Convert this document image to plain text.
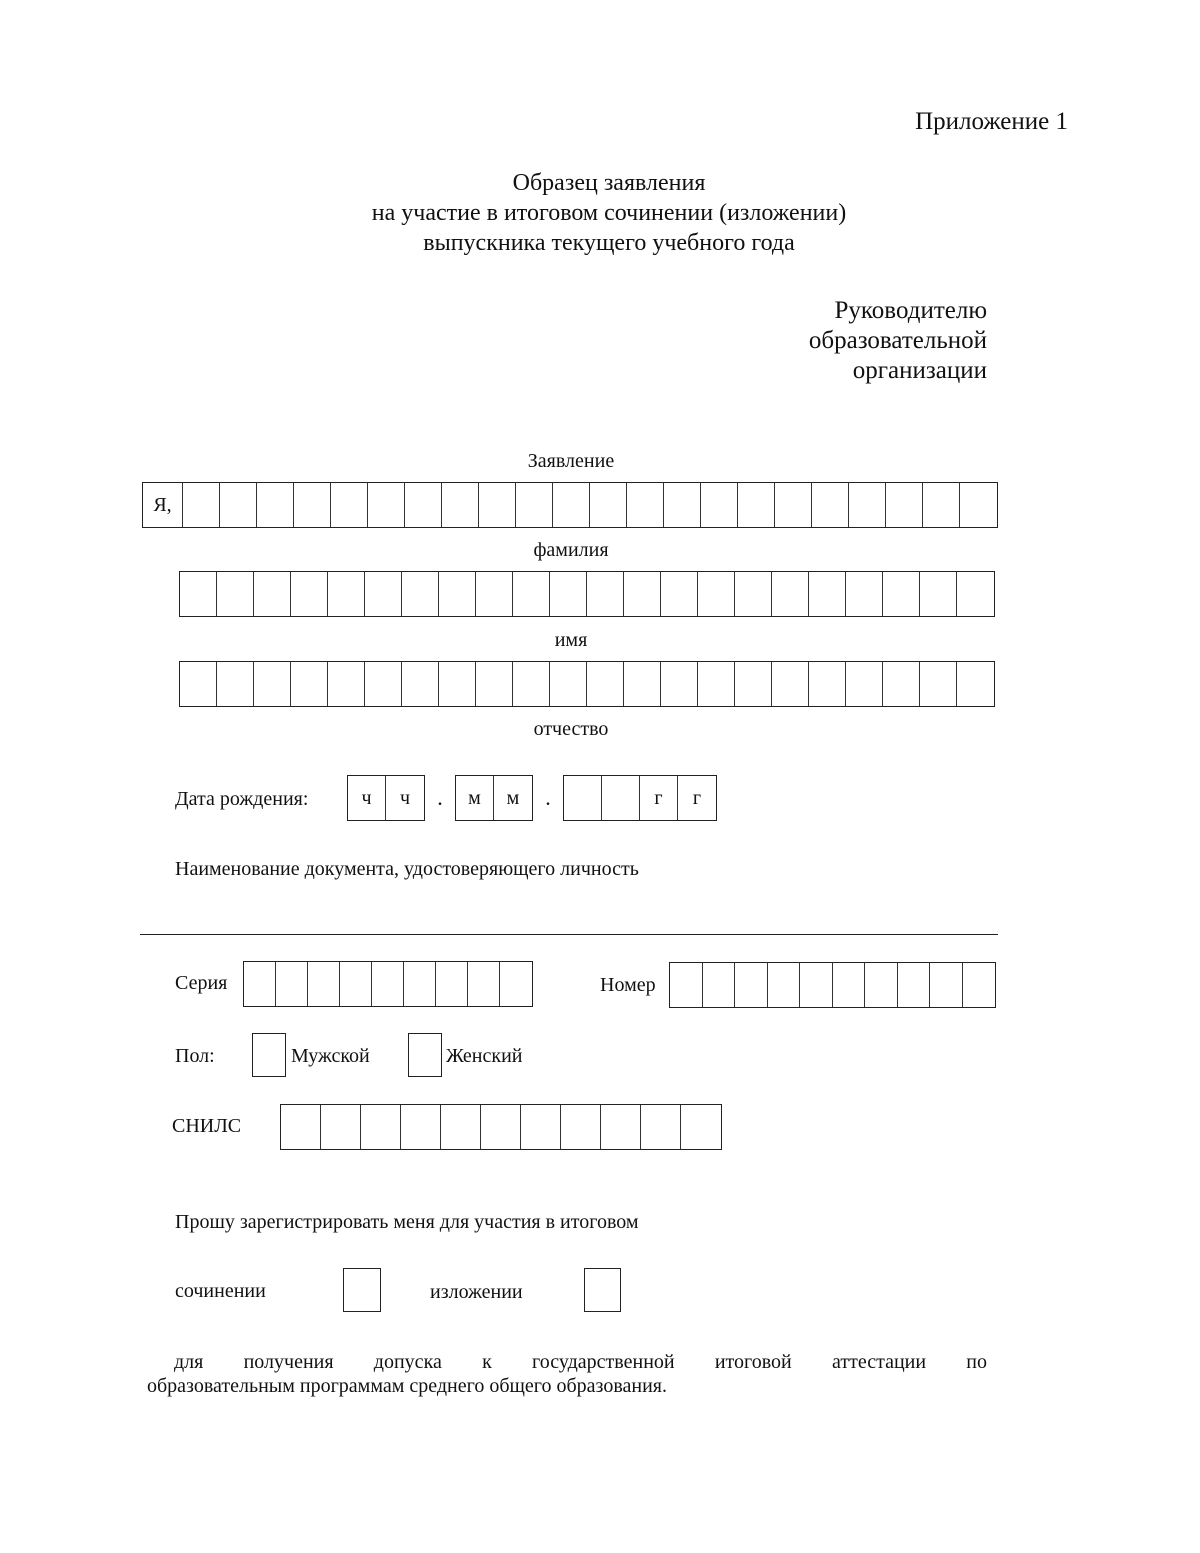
Приложение 1
Образец заявления
на участие в итоговом сочинении (изложении)
выпускника текущего учебного года
Руководителю
образовательной
организации
Заявление
Я,
фамилия
имя
отчество
Дата рождения:	ч	ч	.	м	м	.	г	г
Наименование документа, удостоверяющего личность
Серия	Номер
Пол:	Мужской	Женский
СНИЛС
Прошу зарегистрировать меня для участия в итоговом
сочинении	изложении
для получения допуска к государственной итоговой аттестации по
образовательным программам среднего общего образования.
